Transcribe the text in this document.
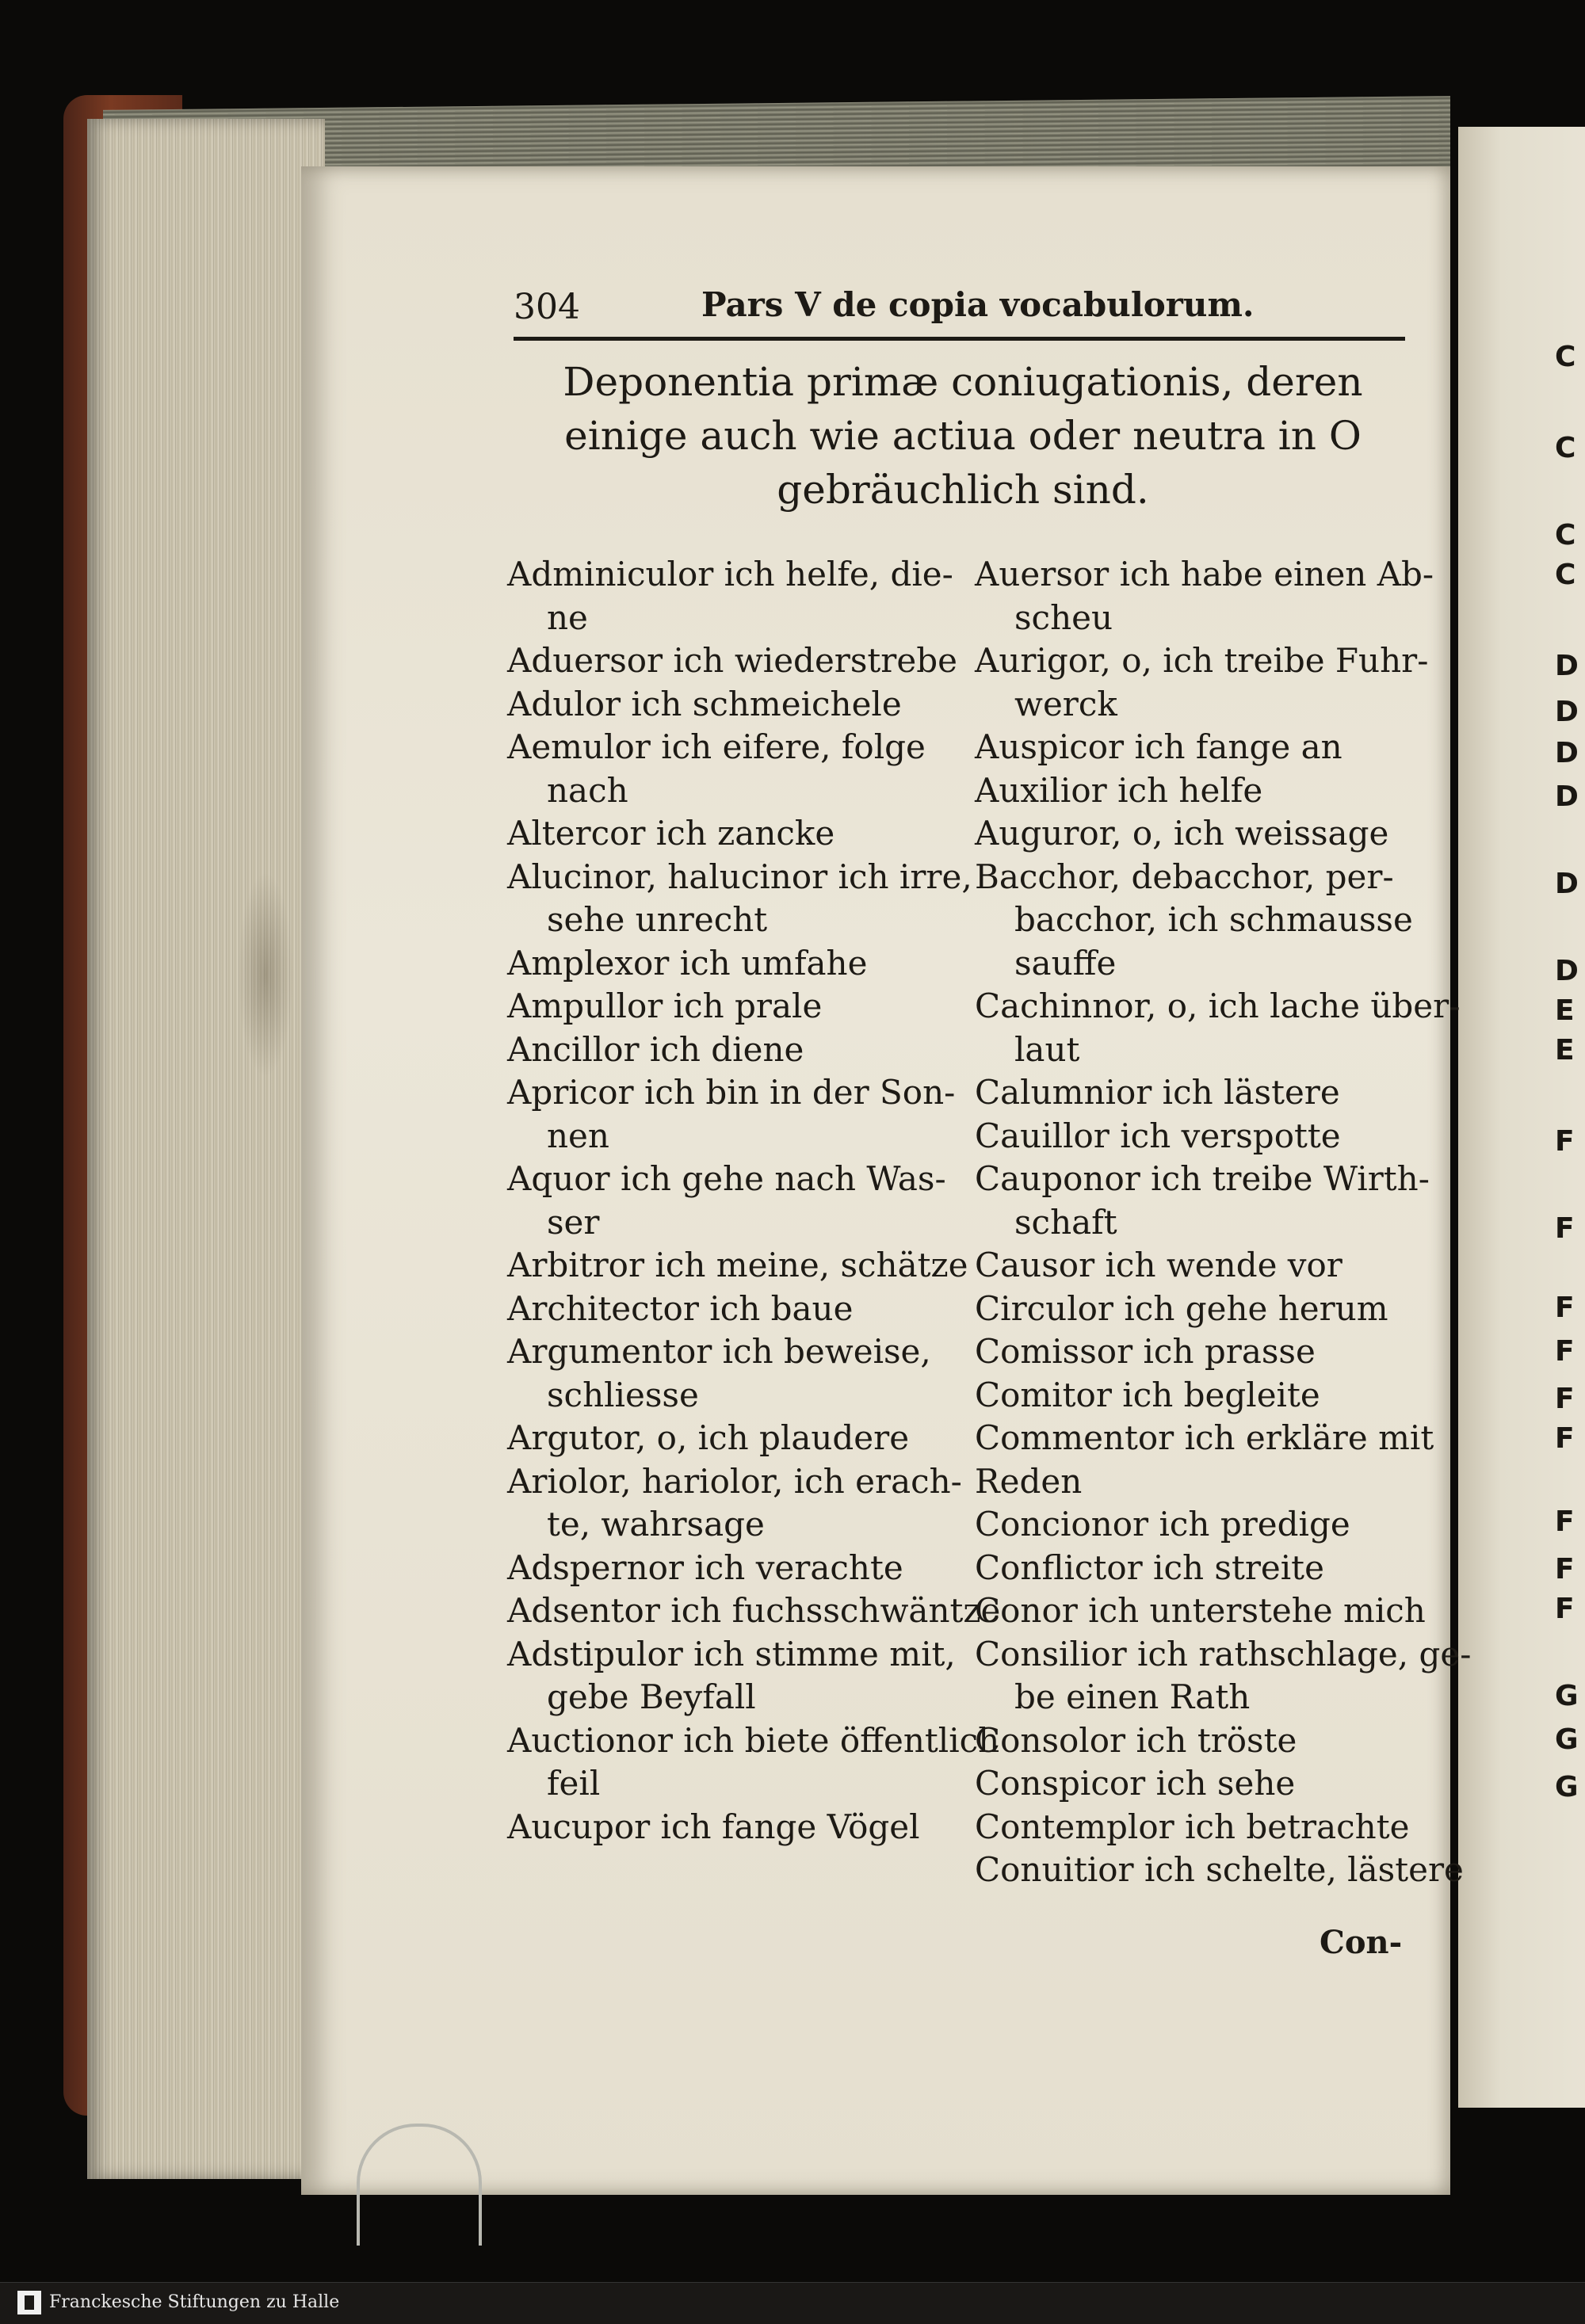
304	Pars V de copia vocabulorum.
Deponentia primæ coniugationis, deren einige auch wie actiua oder neutra in O gebräuchlich sind.
Adminiculor ich helfe, die-
ne
Aduersor ich wiederstrebe
Adulor ich schmeichele
Aemulor ich eifere, folge
nach
Altercor ich zancke
Alucinor, halucinor ich irre,
sehe unrecht
Amplexor ich umfahe
Ampullor ich prale
Ancillor ich diene
Apricor ich bin in der Son-
nen
Aquor ich gehe nach Was-
ser
Arbitror ich meine, schätze
Architector ich baue
Argumentor ich beweise,
schliesse
Argutor, o, ich plaudere
Ariolor, hariolor, ich erach-
te, wahrsage
Adspernor ich verachte
Adsentor ich fuchsschwäntze
Adstipulor ich stimme mit,
gebe Beyfall
Auctionor ich biete öffentlich
feil
Aucupor ich fange Vögel
Auersor ich habe einen Ab-
scheu
Aurigor, o, ich treibe Fuhr-
werck
Auspicor ich fange an
Auxilior ich helfe
Auguror, o, ich weissage
Bacchor, debacchor, per-
bacchor, ich schmausse
sauffe
Cachinnor, o, ich lache über-
laut
Calumnior ich lästere
Cauillor ich verspotte
Cauponor ich treibe Wirth-
schaft
Causor ich wende vor
Circulor ich gehe herum
Comissor ich prasse
Comitor ich begleite
Commentor ich erkläre mit
Reden
Concionor ich predige
Conflictor ich streite
Conor ich unterstehe mich
Consilior ich rathschlage, ge-
be einen Rath
Consolor ich tröste
Conspicor ich sehe
Contemplor ich betrachte
Conuitior ich schelte, lästere
Con-
C
C
C
C
D
D
D
D
D
D
E
E
F
F
F
F
F
F
F
F
F
G
G
G
Franckesche Stiftungen zu Halle
